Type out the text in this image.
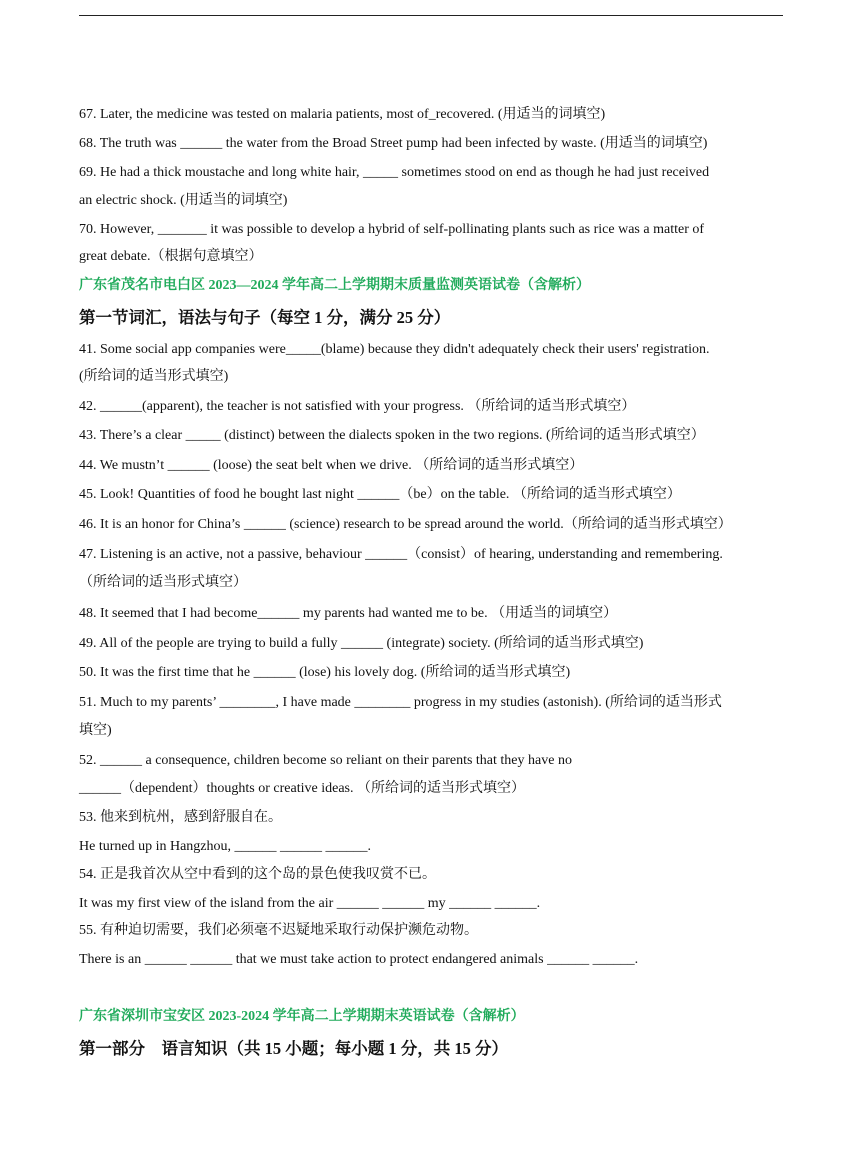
67. Later, the medicine was tested on malaria patients, most of_recovered. (用适当的词填空)
68. The truth was ______ the water from the Broad Street pump had been infected by waste. (用适当的词填空)
69. He had a thick moustache and long white hair, _____ sometimes stood on end as though he had just received
an electric shock. (用适当的词填空)
70. However, _______ it was possible to develop a hybrid of self-pollinating plants such as rice was a matter of
great debate.（根据句意填空）
广东省茂名市电白区 2023—2024 学年高二上学期期末质量监测英语试卷（含解析）
第一节词汇，语法与句子（每空 1 分，满分 25 分）
41. Some social app companies were_____(blame) because they didn't adequately check their users' registration.
(所给词的适当形式填空)
42. ______(apparent), the teacher is not satisfied with your progress. （所给词的适当形式填空）
43. There’s a clear _____ (distinct) between the dialects spoken in the two regions. (所给词的适当形式填空）
44. We mustn’t ______ (loose) the seat belt when we drive. （所给词的适当形式填空）
45. Look! Quantities of food he bought last night ______（be）on the table. （所给词的适当形式填空）
46. It is an honor for China’s ______ (science) research to be spread around the world.（所给词的适当形式填空）
47. Listening is an active, not a passive, behaviour ______（consist）of hearing, understanding and remembering.
（所给词的适当形式填空）
48. It seemed that I had become______ my parents had wanted me to be. （用适当的词填空）
49. All of the people are trying to build a fully ______ (integrate) society. (所给词的适当形式填空)
50. It was the first time that he ______ (lose) his lovely dog. (所给词的适当形式填空)
51. Much to my parents’ ________, I have made ________ progress in my studies (astonish). (所给词的适当形式
填空)
52. ______ a consequence, children become so reliant on their parents that they have no
______（dependent）thoughts or creative ideas. （所给词的适当形式填空）
53. 他来到杭州，感到舒服自在。
He turned up in Hangzhou, ______ ______ ______.
54. 正是我首次从空中看到的这个岛的景色使我叹赏不已。
It was my first view of the island from the air ______ ______ my ______ ______.
55. 有种迫切需要，我们必须毫不迟疑地采取行动保护濒危动物。
There is an ______ ______ that we must take action to protect endangered animals ______ ______.
广东省深圳市宝安区 2023-2024 学年高二上学期期末英语试卷（含解析）
第一部分　语言知识（共 15 小题；每小题 1 分，共 15 分）
